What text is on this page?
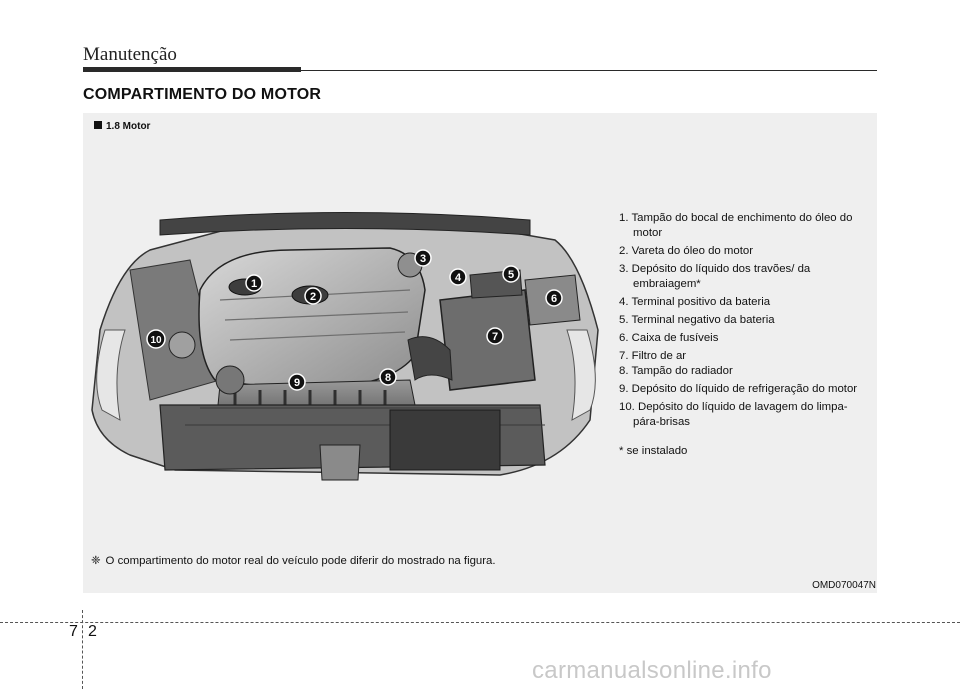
Manutenção
COMPARTIMENTO DO MOTOR
1.8 Motor
1
2
3
4	5
6
7
8
9
10
1. Tampão do bocal de enchimento do óleo do motor
2. Vareta do óleo do motor
3. Depósito do líquido dos travões/ da embraiagem*
4. Terminal positivo da bateria
5. Terminal negativo da bateria
6. Caixa de fusíveis
7. Filtro de ar
8. Tampão do radiador
9. Depósito do líquido de refrigeração do motor
10. Depósito do líquido de lavagem do limpa-pára-brisas
* se instalado
❈ O compartimento do motor real do veículo pode diferir do mostrado na figura.
OMD070047N
7 2
carmanualsonline.info
